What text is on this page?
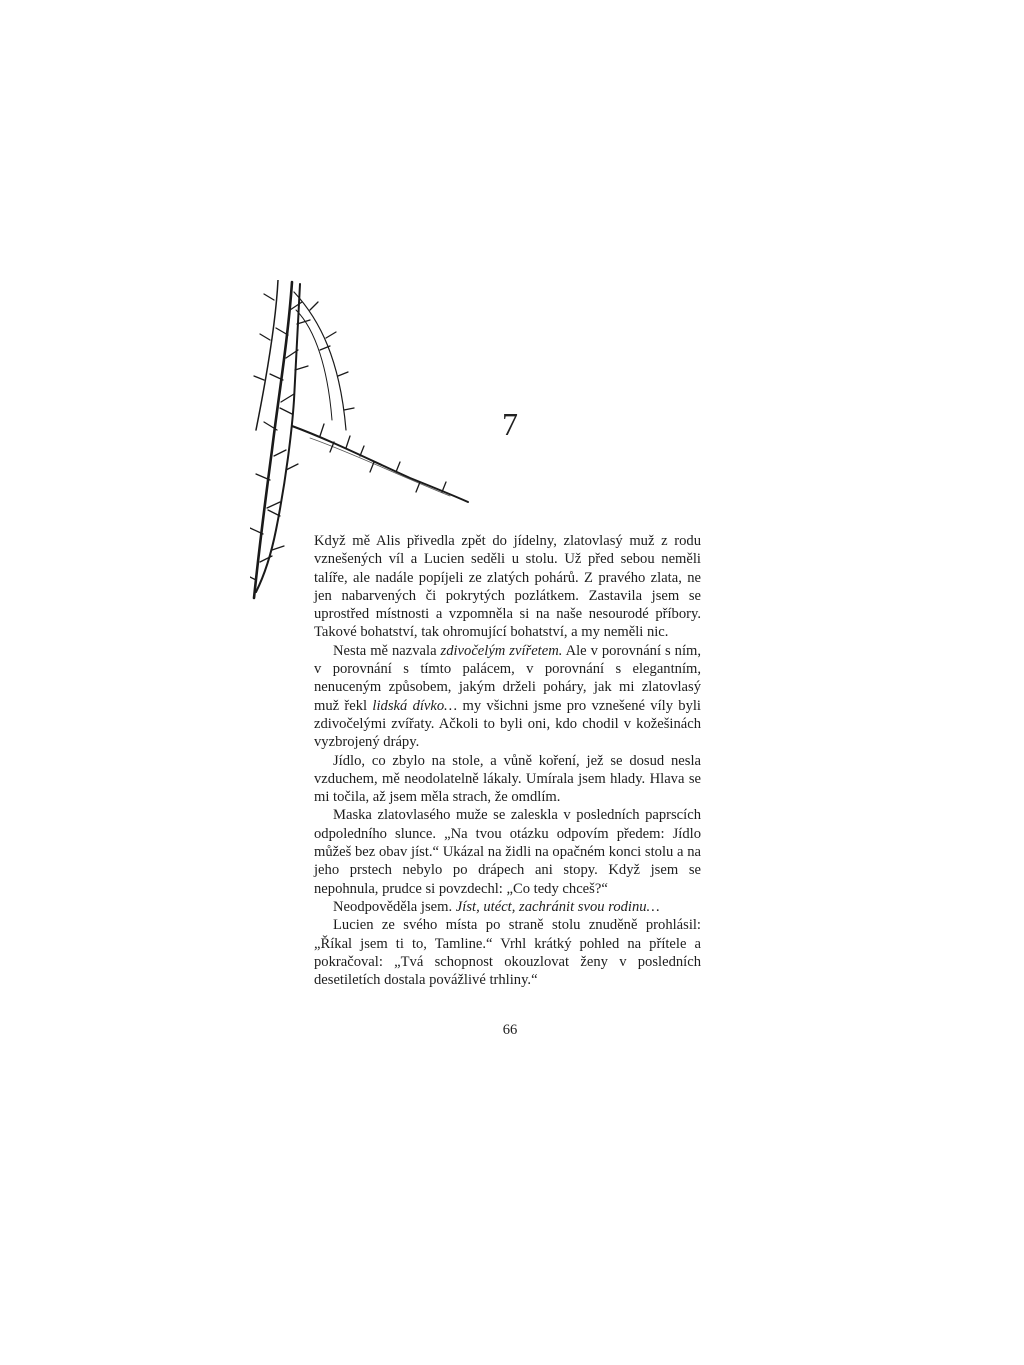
7

Když mě Alis přivedla zpět do jídelny, zlatovlasý muž z rodu vznešených víl a Lucien seděli u stolu. Už před sebou neměli talíře, ale nadále popíjeli ze zlatých pohárů. Z pravého zlata, ne jen nabarvených či pokrytých pozlátkem. Zastavila jsem se uprostřed místnosti a vzpomněla si na naše nesourodé příbory. Takové bohatství, tak ohromující bohatství, a my neměli nic.

Nesta mě nazvala zdivočelým zvířetem. Ale v porovnání s ním, v porovnání s tímto palácem, v porovnání s elegantním, nenuceným způsobem, jakým drželi poháry, jak mi zlatovlasý muž řekl lidská dívko… my všichni jsme pro vznešené víly byli zdivočelými zvířaty. Ačkoli to byli oni, kdo chodil v kožešinách vyzbrojený drápy.

Jídlo, co zbylo na stole, a vůně koření, jež se dosud nesla vzduchem, mě neodolatelně lákaly. Umírala jsem hlady. Hlava se mi točila, až jsem měla strach, že omdlím.

Maska zlatovlasého muže se zaleskla v posledních paprscích odpoledního slunce. „Na tvou otázku odpovím předem: Jídlo můžeš bez obav jíst.“ Ukázal na židli na opačném konci stolu a na jeho prstech nebylo po drápech ani stopy. Když jsem se nepohnula, prudce si povzdechl: „Co tedy chceš?“

Neodpověděla jsem. Jíst, utéct, zachránit svou rodinu…

Lucien ze svého místa po straně stolu znuděně prohlásil: „Říkal jsem ti to, Tamline.“ Vrhl krátký pohled na přítele a pokračoval: „Tvá schopnost okouzlovat ženy v posledních desetiletích dostala povážlivé trhliny.“

66
